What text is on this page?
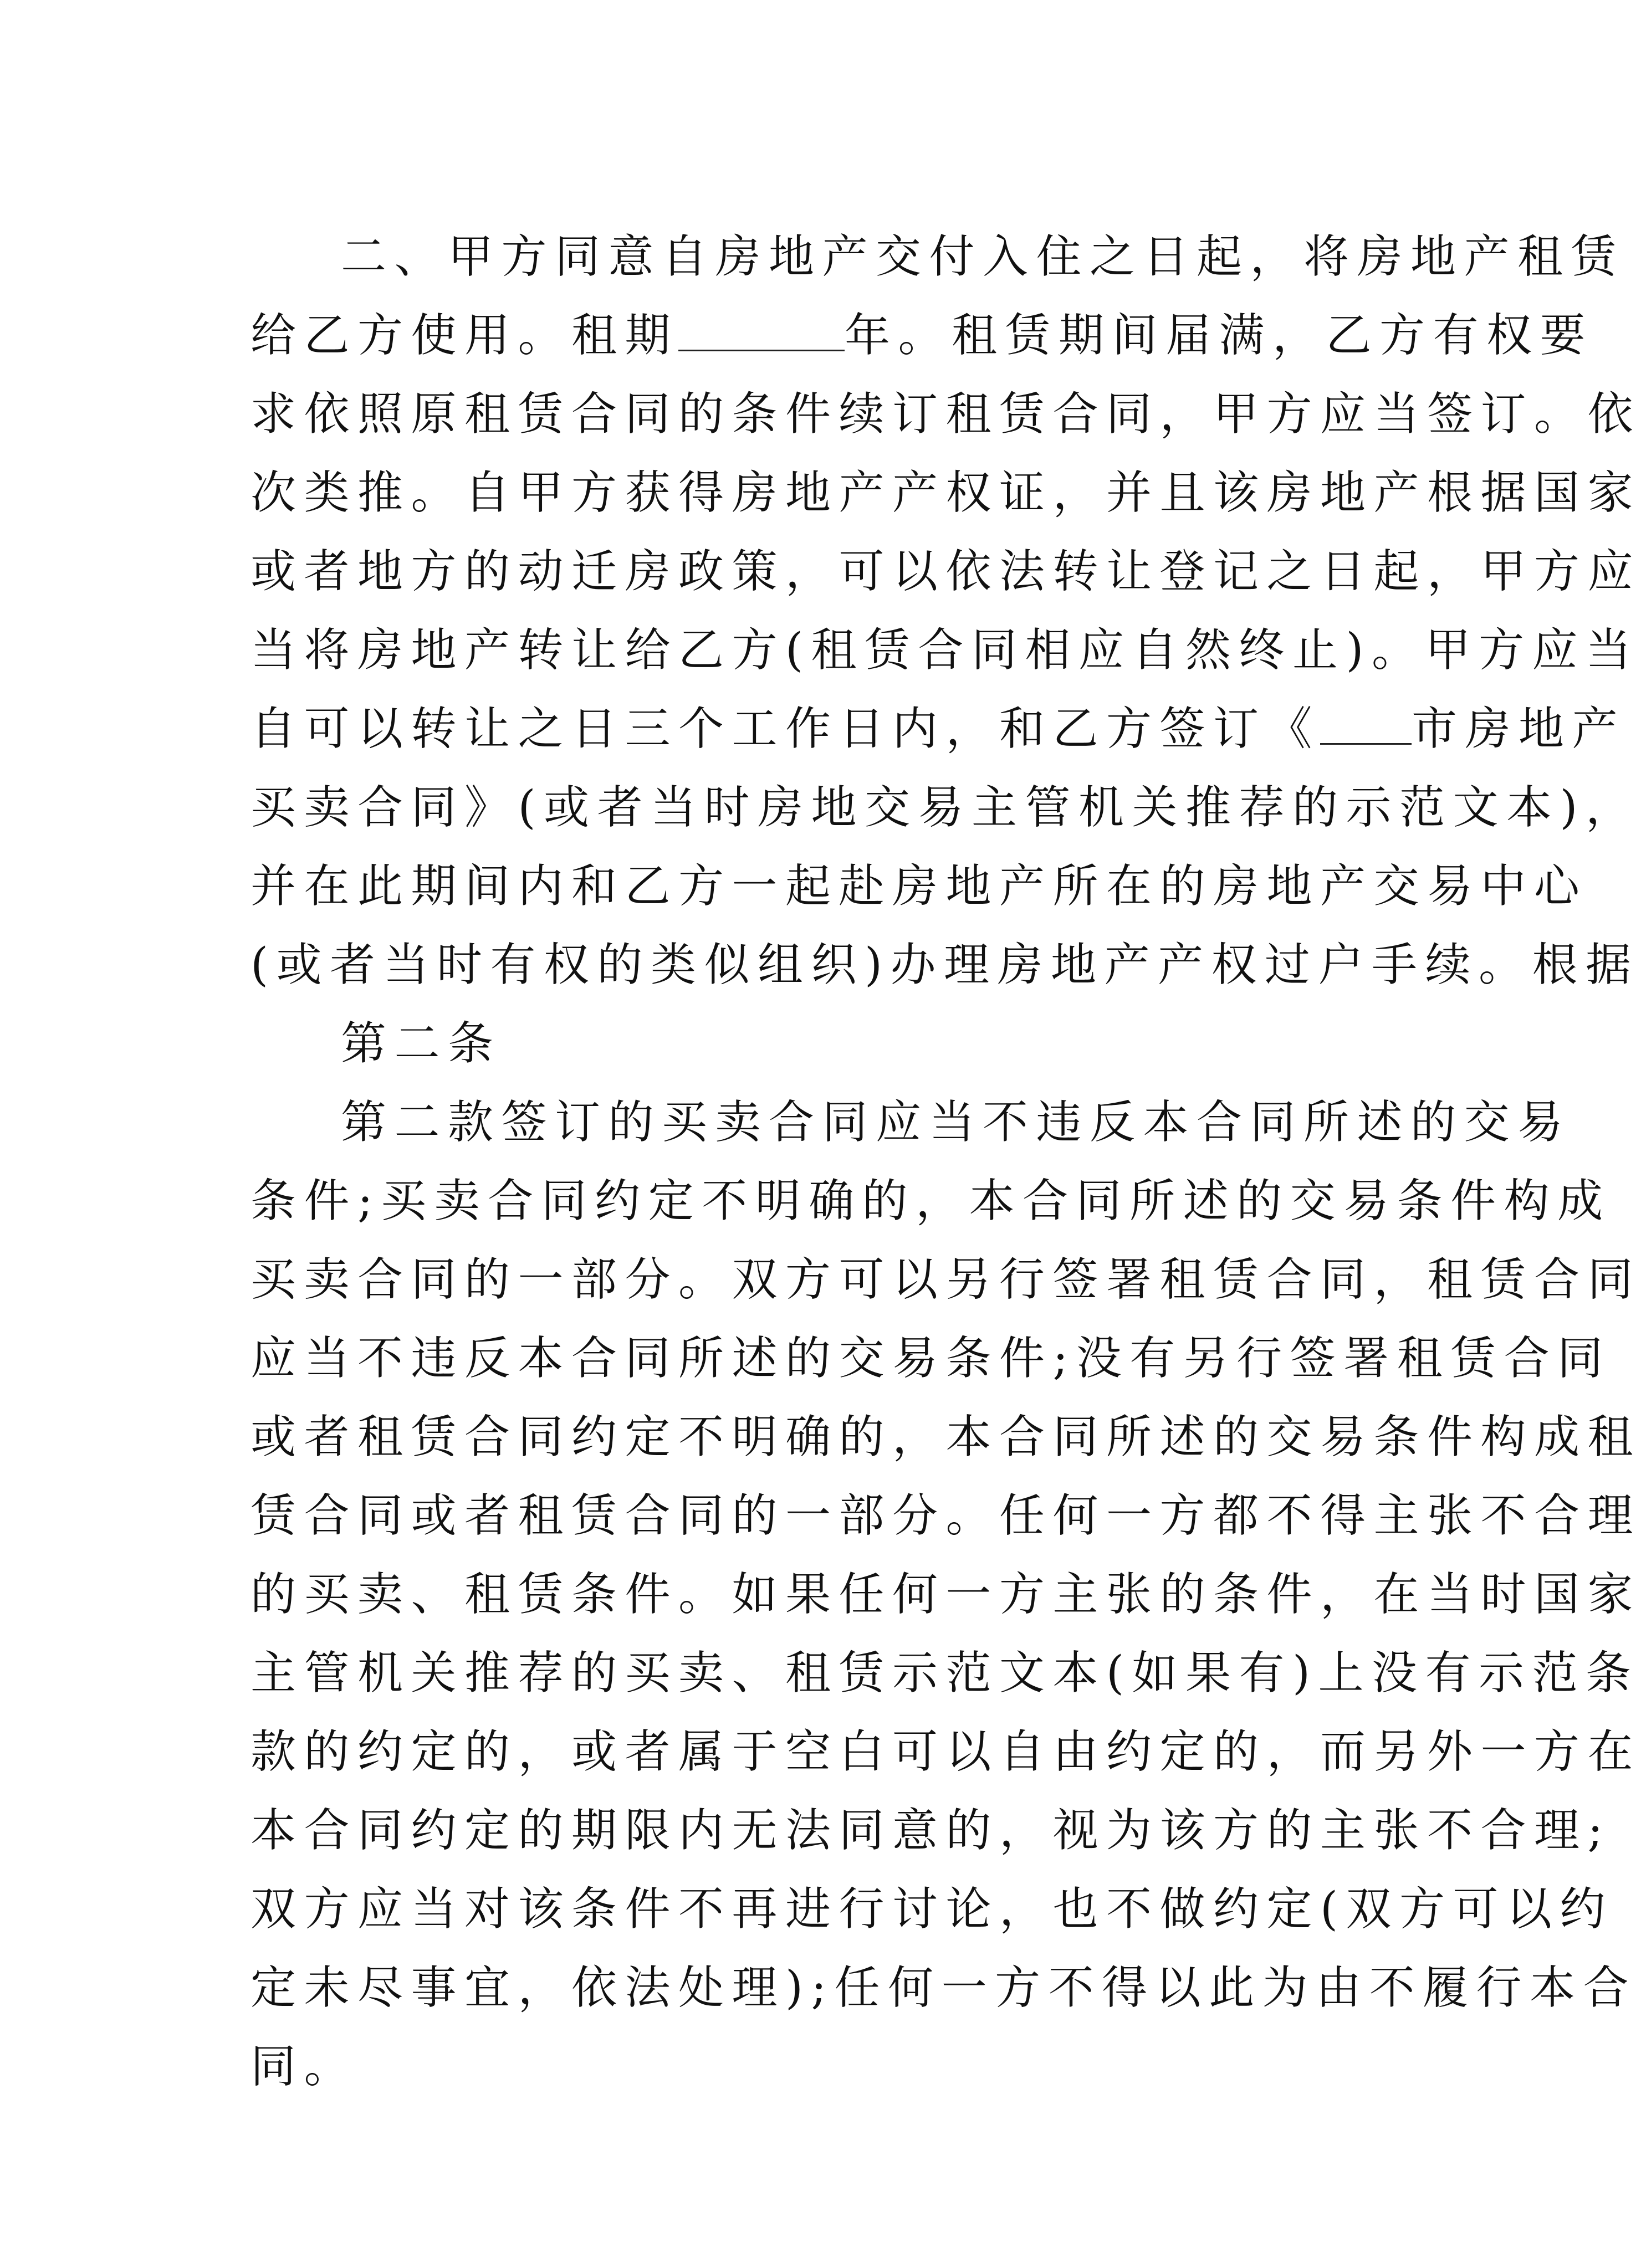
二、甲方同意自房地产交付入住之日起，将房地产租赁

给乙方使用。租期	年。租赁期间届满，乙方有权要

求依照原租赁合同的条件续订租赁合同，甲方应当签订。依

次类推。自甲方获得房地产产权证，并且该房地产根据国家

或者地方的动迁房政策，可以依法转让登记之日起，甲方应

当将房地产转让给乙方(租赁合同相应自然终止)。甲方应当

自可以转让之日三个工作日内，和乙方签订《 市房地产

买卖合同》(或者当时房地交易主管机关推荐的示范文本)，

并在此期间内和乙方一起赴房地产所在的房地产交易中心

(或者当时有权的类似组织)办理房地产产权过户手续。根据

第二条

第二款签订的买卖合同应当不违反本合同所述的交易

条件;买卖合同约定不明确的，本合同所述的交易条件构成

买卖合同的一部分。双方可以另行签署租赁合同，租赁合同

应当不违反本合同所述的交易条件;没有另行签署租赁合同

或者租赁合同约定不明确的，本合同所述的交易条件构成租

赁合同或者租赁合同的一部分。任何一方都不得主张不合理

的买卖、租赁条件。如果任何一方主张的条件，在当时国家

主管机关推荐的买卖、租赁示范文本(如果有)上没有示范条

款的约定的，或者属于空白可以自由约定的，而另外一方在

本合同约定的期限内无法同意的，视为该方的主张不合理;

双方应当对该条件不再进行讨论，也不做约定(双方可以约

定未尽事宜，依法处理);任何一方不得以此为由不履行本合

同。
